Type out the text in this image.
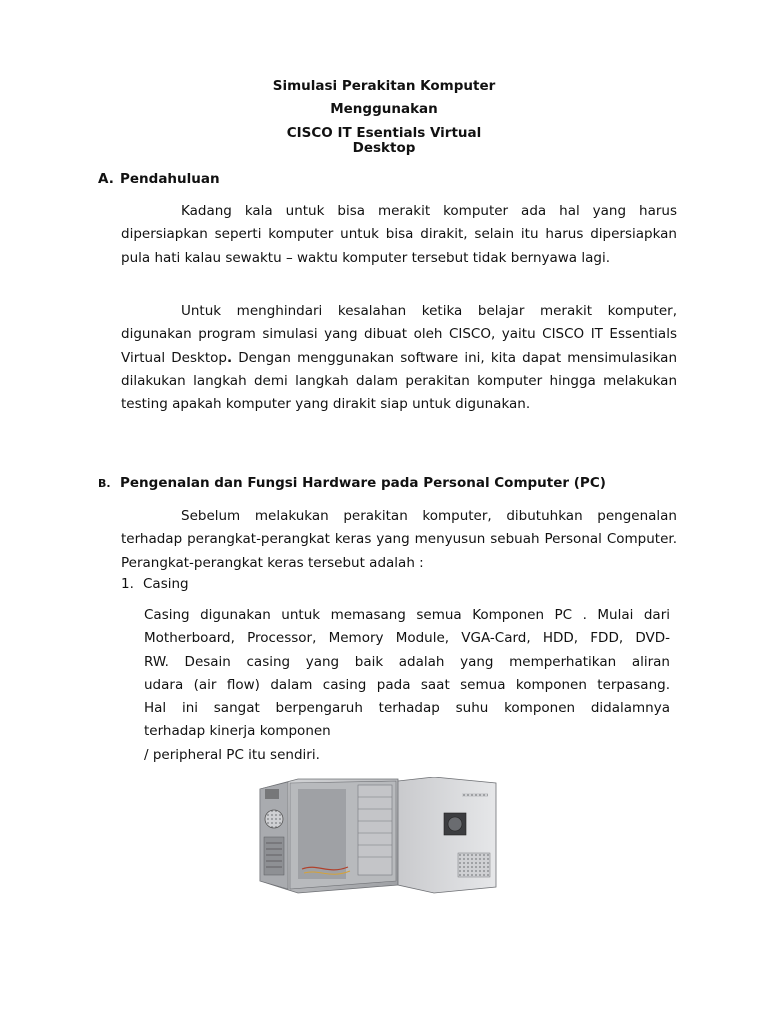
Simulasi Perakitan Komputer
Menggunakan
CISCO IT Esentials Virtual
Desktop
A. Pendahuluan
Kadang kala untuk bisa merakit komputer ada hal yang harus dipersiapkan seperti komputer untuk bisa dirakit, selain itu harus dipersiapkan pula hati kalau sewaktu – waktu komputer tersebut tidak bernyawa lagi.
Untuk menghindari kesalahan ketika belajar merakit komputer, digunakan program simulasi yang dibuat oleh CISCO, yaitu CISCO IT Essentials Virtual Desktop. Dengan menggunakan software ini, kita dapat mensimulasikan dilakukan langkah demi langkah dalam perakitan komputer hingga melakukan testing apakah komputer yang dirakit siap untuk digunakan.
B. Pengenalan dan Fungsi Hardware pada Personal Computer (PC)
Sebelum melakukan perakitan komputer, dibutuhkan pengenalan terhadap perangkat-perangkat keras yang menyusun sebuah Personal Computer. Perangkat-perangkat keras tersebut adalah :
1. Casing
Casing digunakan untuk memasang semua Komponen PC . Mulai dari
Motherboard, Processor, Memory Module, VGA-Card, HDD, FDD, DVD-
RW. Desain casing yang baik adalah yang memperhatikan aliran
udara (air flow) dalam casing pada saat semua komponen terpasang.
Hal ini sangat berpengaruh terhadap suhu komponen didalamnya
terhadap kinerja komponen
/ peripheral PC itu sendiri.
